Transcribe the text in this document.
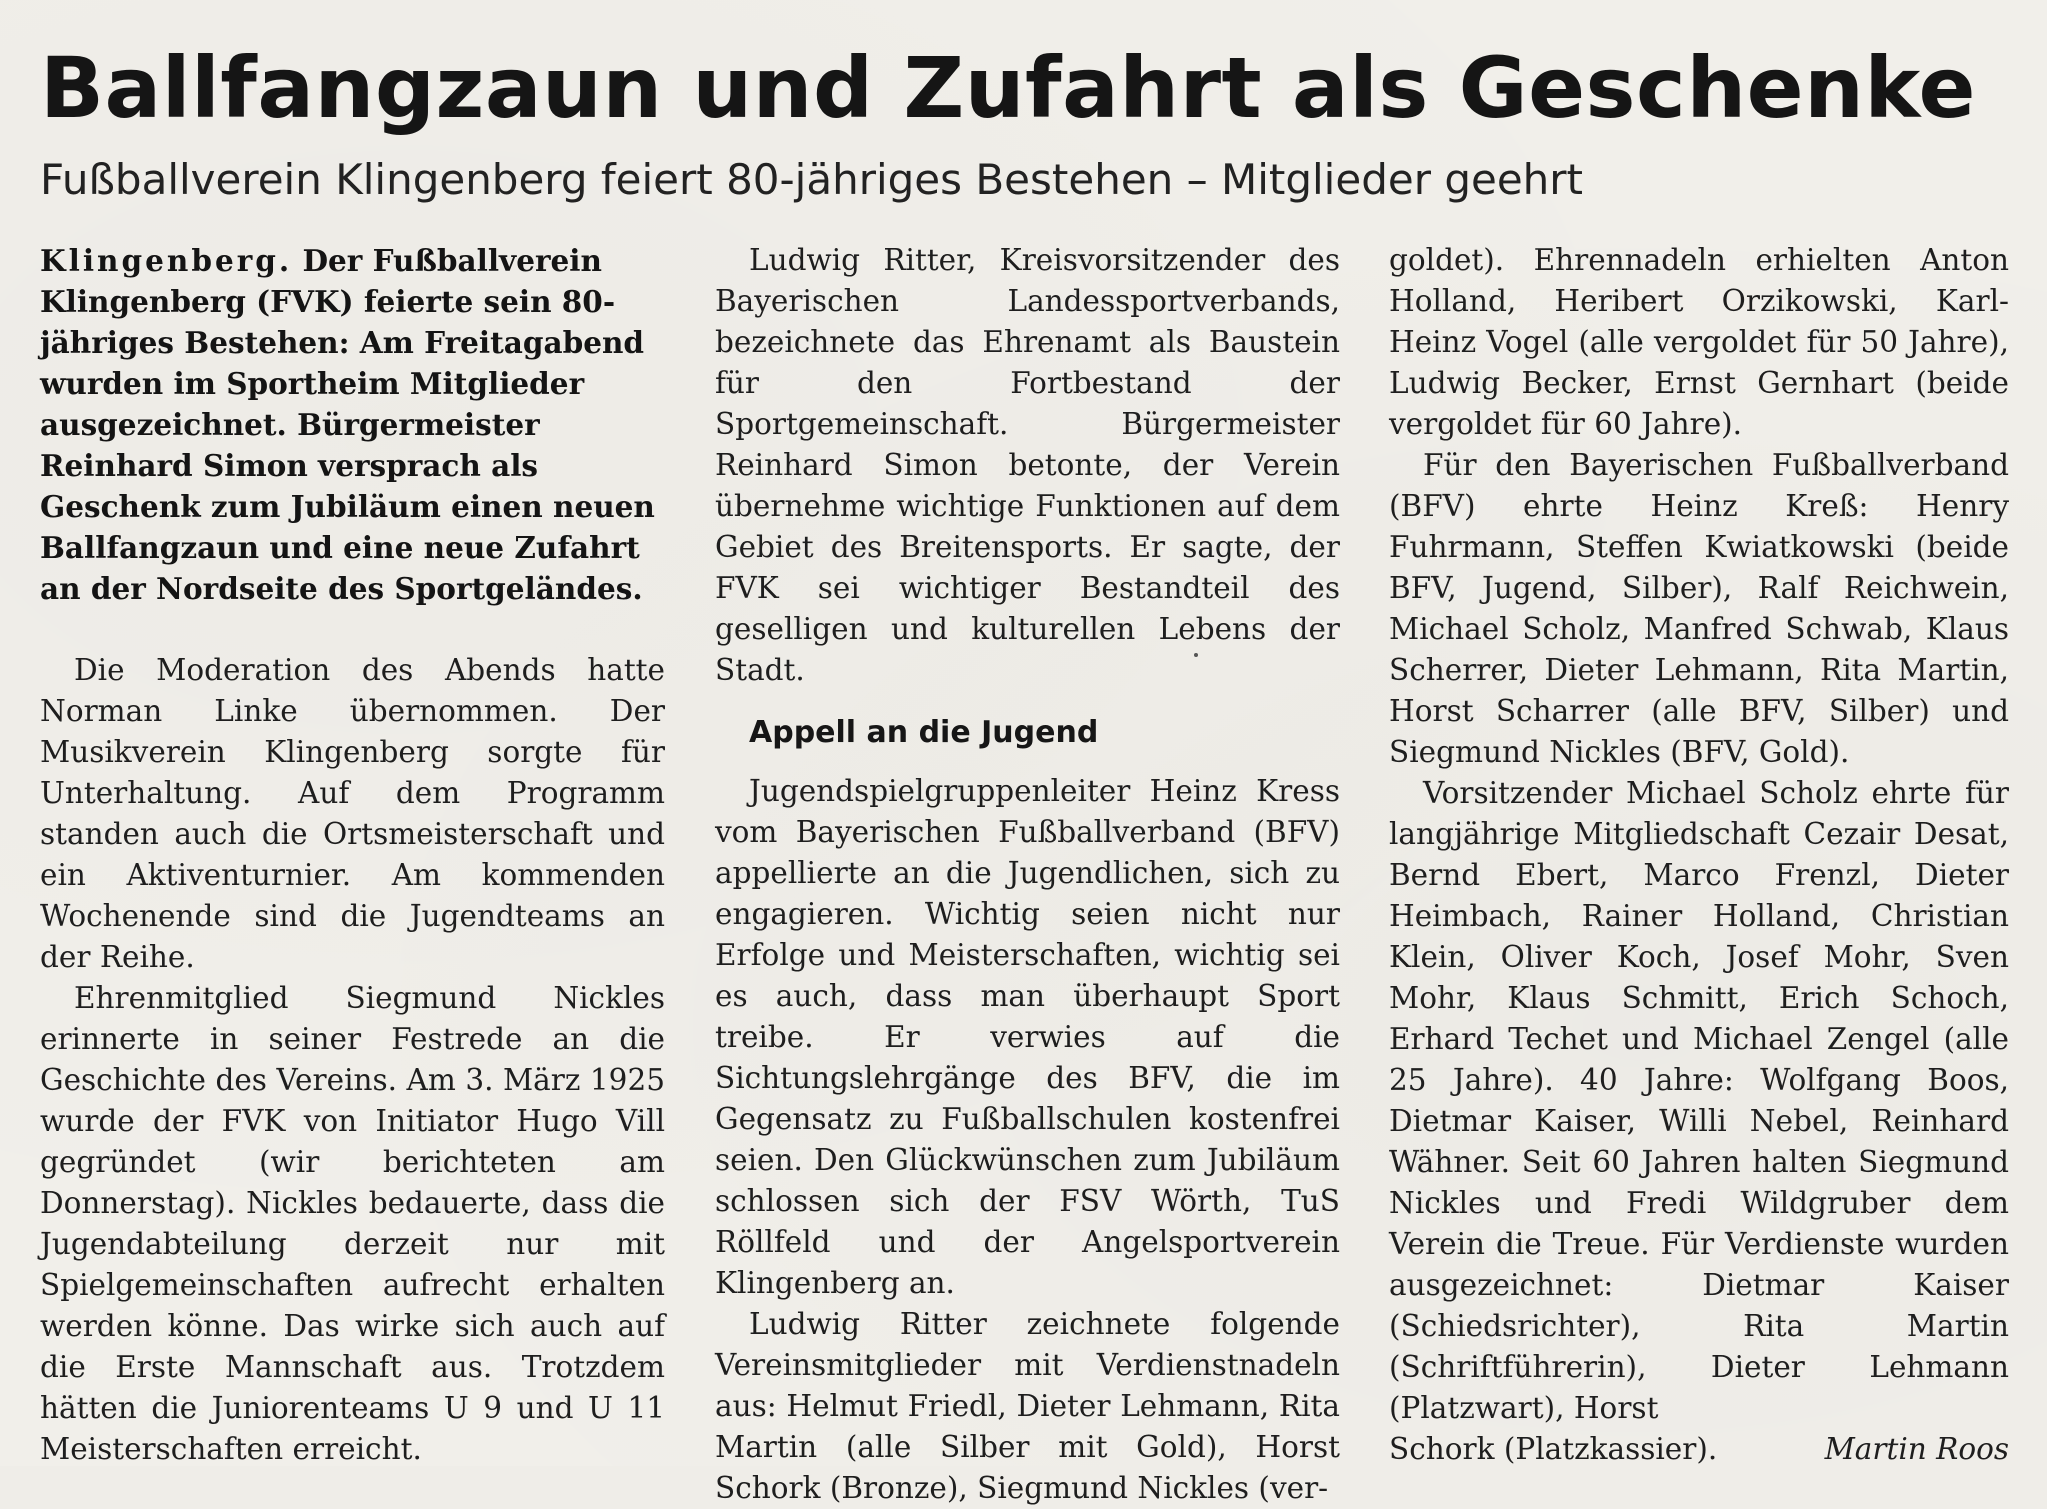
Ballfangzaun und Zufahrt als Geschenke
Fußballverein Klingenberg feiert 80-jähriges Bestehen – Mitglieder geehrt

Klingenberg. Der Fußballverein Klingenberg (FVK) feierte sein 80-jähriges Bestehen: Am Freitagabend wurden im Sportheim Mitglieder ausgezeichnet. Bürgermeister Reinhard Simon versprach als Geschenk zum Jubiläum einen neuen Ballfangzaun und eine neue Zufahrt an der Nordseite des Sportgeländes.

Die Moderation des Abends hatte Norman Linke übernommen. Der Musikverein Klingenberg sorgte für Unterhaltung. Auf dem Programm standen auch die Ortsmeisterschaft und ein Aktiventurnier. Am kommenden Wochenende sind die Jugendteams an der Reihe.

Ehrenmitglied Siegmund Nickles erinnerte in seiner Festrede an die Geschichte des Vereins. Am 3. März 1925 wurde der FVK von Initiator Hugo Vill gegründet (wir berichteten am Donnerstag). Nickles bedauerte, dass die Jugendabteilung derzeit nur mit Spielgemeinschaften aufrecht erhalten werden könne. Das wirke sich auch auf die Erste Mannschaft aus. Trotzdem hätten die Juniorenteams U 9 und U 11 Meisterschaften erreicht.

Ludwig Ritter, Kreisvorsitzender des Bayerischen Landessportverbands, bezeichnete das Ehrenamt als Baustein für den Fortbestand der Sportgemeinschaft. Bürgermeister Reinhard Simon betonte, der Verein übernehme wichtige Funktionen auf dem Gebiet des Breitensports. Er sagte, der FVK sei wichtiger Bestandteil des geselligen und kulturellen Lebens der Stadt.

Appell an die Jugend

Jugendspielgruppenleiter Heinz Kress vom Bayerischen Fußballverband (BFV) appellierte an die Jugendlichen, sich zu engagieren. Wichtig seien nicht nur Erfolge und Meisterschaften, wichtig sei es auch, dass man überhaupt Sport treibe. Er verwies auf die Sichtungslehrgänge des BFV, die im Gegensatz zu Fußballschulen kostenfrei seien. Den Glückwünschen zum Jubiläum schlossen sich der FSV Wörth, TuS Röllfeld und der Angelsportverein Klingenberg an.

Ludwig Ritter zeichnete folgende Vereinsmitglieder mit Verdienstnadeln aus: Helmut Friedl, Dieter Lehmann, Rita Martin (alle Silber mit Gold), Horst Schork (Bronze), Siegmund Nickles (ver-

goldet). Ehrennadeln erhielten Anton Holland, Heribert Orzikowski, Karl-Heinz Vogel (alle vergoldet für 50 Jahre), Ludwig Becker, Ernst Gernhart (beide vergoldet für 60 Jahre).

Für den Bayerischen Fußballverband (BFV) ehrte Heinz Kreß: Henry Fuhrmann, Steffen Kwiatkowski (beide BFV, Jugend, Silber), Ralf Reichwein, Michael Scholz, Manfred Schwab, Klaus Scherrer, Dieter Lehmann, Rita Martin, Horst Scharrer (alle BFV, Silber) und Siegmund Nickles (BFV, Gold).

Vorsitzender Michael Scholz ehrte für langjährige Mitgliedschaft Cezair Desat, Bernd Ebert, Marco Frenzl, Dieter Heimbach, Rainer Holland, Christian Klein, Oliver Koch, Josef Mohr, Sven Mohr, Klaus Schmitt, Erich Schoch, Erhard Techet und Michael Zengel (alle 25 Jahre). 40 Jahre: Wolfgang Boos, Dietmar Kaiser, Willi Nebel, Reinhard Wähner. Seit 60 Jahren halten Siegmund Nickles und Fredi Wildgruber dem Verein die Treue. Für Verdienste wurden ausgezeichnet: Dietmar Kaiser (Schiedsrichter), Rita Martin (Schriftführerin), Dieter Lehmann (Platzwart), Horst

Schork (Platzkassier).	Martin Roos
